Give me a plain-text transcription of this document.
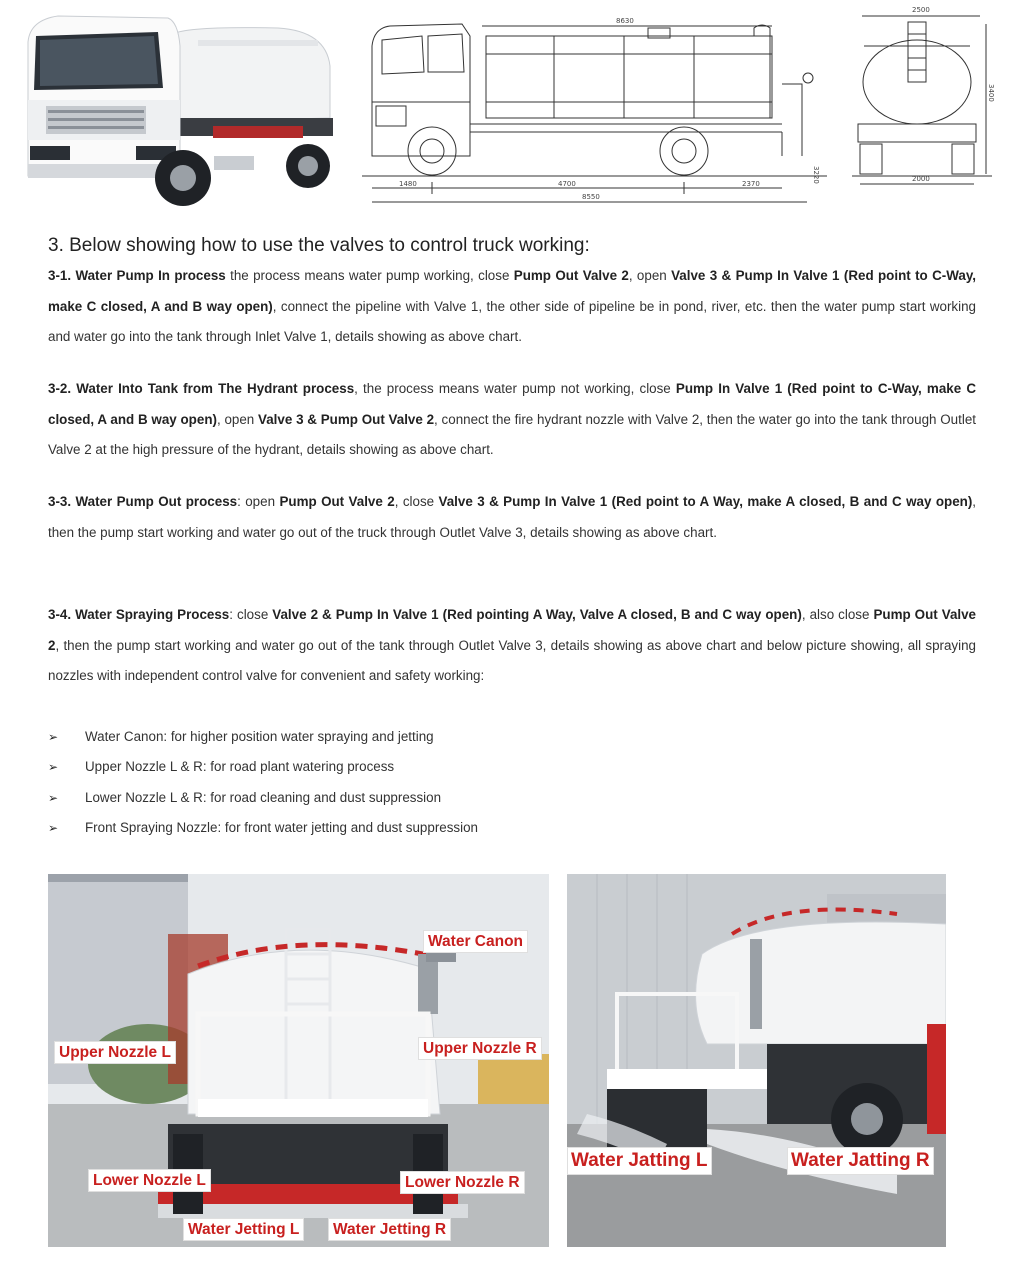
8630
1480	4700	2370
8550
3220
2500
2000
3400
3. Below showing how to use the valves to control truck working:
3-1. Water Pump In process the process means water pump working, close Pump Out Valve 2, open Valve 3 & Pump In Valve 1 (Red point to C-Way, make C closed, A and B way open), connect the pipeline with Valve 1, the other side of pipeline be in pond, river, etc. then the water pump start working and water go into the tank through Inlet Valve 1, details showing as above chart.
3-2. Water Into Tank from The Hydrant process, the process means water pump not working, close Pump In Valve 1 (Red point to C-Way, make C closed, A and B way open), open Valve 3 & Pump Out Valve 2, connect the fire hydrant nozzle with Valve 2, then the water go into the tank through Outlet Valve 2 at the high pressure of the hydrant, details showing as above chart.
3-3. Water Pump Out process: open Pump Out Valve 2, close Valve 3 & Pump In Valve 1 (Red point to A Way, make A closed, B and C way open), then the pump start working and water go out of the truck through Outlet Valve 3, details showing as above chart.
3-4. Water Spraying Process: close Valve 2 & Pump In Valve 1 (Red pointing A Way, Valve A closed, B and C way open), also close Pump Out Valve 2, then the pump start working and water go out of the tank through Outlet Valve 3, details showing as above chart and below picture showing, all spraying nozzles with independent control valve for convenient and safety working:
➢	Water Canon: for higher position water spraying and jetting
➢	Upper Nozzle L & R: for road plant watering process
➢	Lower Nozzle L & R: for road cleaning and dust suppression
➢	Front Spraying Nozzle: for front water jetting and dust suppression
Water Canon
Upper Nozzle L	Upper Nozzle R
Lower Nozzle L	Lower Nozzle R
Water Jetting L	Water Jetting R
Water Jatting L	Water Jatting R
